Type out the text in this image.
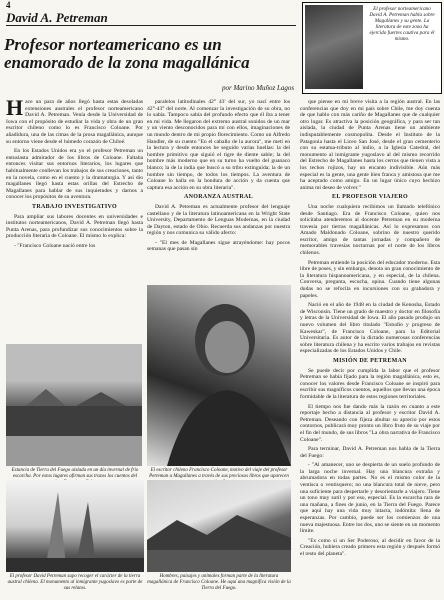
4
David A. Petreman
Profesor norteamericano es un enamorado de la zona magallánica
por Marino Muñoz Lagos
El profesor norteamericano David A. Petreman habla sobre Magallanes y su gente. La literatura de este zona ha ejercido fuertes cautiva para él mismo.

Hace un para de años llegó hasta estas desoladas extensiones australes el profesor norteamericano David A. Petreman. Venía desde la Universidad de Iowa con el propósito de estudiar la vida y obra de un gran escritor chileno como lo es Francisco Coloane. Por añadidura, una de las cimas de la prosa magallánica, aunque su entorno viene desde el húmedo corazón de Chiloé.

En los Estados Unidos era yo el profesor Petreman un entusiasta admirador de los libros de Coloane. Faltaba entonces visitar sus entornos literarios, los lugares que habitualmente conllevan los trabajos de sus creaciones, tanto en la novela, como en el cuento y la dramaturgia. Y así dio magallanes llegó hasta estas orillas del Estrecho de Magallanes para hablar de sus inquietudes y darnos a conocer los propósitos de su aventura.

TRABAJO INVESTIGATIVO

Para ampliar sus labores docentes en universidades e institutos norteamericanos, David A. Petreman llegó hasta Punta Arenas, para profundizar sus conocimientos sobre la producción literaria de Coloane. El mismo lo explica:

- "Francisco Coloane nació entre los

paralelos latitudinales 42° 43' del sur, yo nací entre los 42°-43° del norte. Al comenzar la investigación de su obra, no lo sabía. Tampoco sabía del profundo efecto que él iba a tener en mi vida. Me llegaron del extremo austral sonidos de un mar y un viento desconocidos para mí con ellos, imaginaciones de un mundo dentro de mi propio florecimiento. Como un Alfredo Handler, de su cuento "En el caballo de la aurora", me metí en la lectura y desde entonces he seguido varias huellas: la del hombre primitivo que siguió el tigre de diente sable; la del hombre más moderno que en su turno ha vuelto del guanaco blanco; la de la india que buscó a su tribu extinguida; la de un hombre sin tiempo, de todos los tiempos. La aventura de Coloane lo halla en la hondura de acción y da cuenta que captura esa acción en su obra literaria".

ANORANZA AUSTRAL

David A. Petreman es actualmente profesor del lenguaje castellano y de la literatura latinoamericana en la Wright State University, Departamento de Lenguas Modernas, en la ciudad de Dayton, estado de Ohio. Recuerda sus andanzas por nuestra región y nos comunica su válido afecto:

- "El mes de Magallanes sigue atrayéndome: hay pocos semanas que pasan sin

que piense en mi breve visita a la región austral. En las conferencias que doy en mi país sobre Chile, me doy cuenta de que hablo con más cariño de Magallanes que de cualquier otro lugar. Es atractiva la posición geográfica, y para ser tan aislada, la ciudad de Punta Arenas tiene un ambiente indisputablemente cosmopolita. Desde el Instituto de la Patagonia hasta el Liceo San José, desde el gran cementerio con su estatua-tributo al indio, a la Iglesia Catedral, del monumento al inmigrante yugoslavo al del mismo recorrido del Estrecho de Magallanes hasta los cerros que tienen vista a los techos rojizos, hay un encanto indivisible. Aún más especial es la gente, una gente bien franca y amistosa que me ha aceptado como amigo. En un lugar único cuyo hechizo anima mi deseo de volver."

EL PROFESOR VIAJERO

Una noche cualquiera recibimos un llamado telefónico desde Santiago. Era de Francisco Coloane, quien nos solicitaba atenderemos al docente Petreman en su moderna travesía por tierras magallánicas. Así lo expresamos con Amado Maldonado Coloane, sobrino de nuestro querido escritor, amigo de tantas jornadas y compañero de memorables travesías nocturnas por el norte de los libros chilenos.

Petreman entiende la posición del educador moderno. Esta libre de poses, y sin embargo, denota un gran conocimiento de la literatura hispanoamericana, y en especial, de la chilena. Conversa, pregunta, escucha, opina. Cuando tiene algunas dudas no se refocila en incursiones con su grabadora y papeles.

Nació en el año de 1948 en la ciudad de Kenosha, Estado de Wisconsin. Tiene un grado de maestro y doctor en filosofía y letras de la Universidad de Iowa. El año pasado produjo un nuevo volumen del libro titulado "Estudio y progreso de Kaweskar", de Francisco Coloane, para la Editorial Universitaria. Es autor de la dictado numerosas conferencias sobre literatura chilena y ha escrito varios trabajos en revistas especializadas de los Estados Unidos y Chile.

MISIÓN DE PETREMAN

Se puede decir por cumplida la labor que el profesor Petreman se había fijado para la región magallánica, esto es, conocer los valores desde Francisco Coloane se inspiró para escribir sus magníficos cuentos, aquellos que llevan una época formidable de la literatura de estos regiones territoriales.

El tiempo nos fue dando más la razón en cuanto a este reportaje hecho a distancia al profesor y escritor David A. Petreman. Deseando con fijeza abultar su aprecio por estos contornos, publicará muy pronto un libro fruto de su viaje por el fin del mundo, de sus libros "La obra narrativa de Francisco Coloane".

Para terminar, David A. Petreman nos habla de la Tierra del Fuego:

- "Al amanecer, uno se despierta de un suelo profundo de la larga noche invernal. Hay una blancura extraña y abrumadora en todas partes. No es el mismo color de la ventisca o ventisquero; no una blancura total de nieve, pero una suficiente para despertarle y desorientarle a viajero. Tiene un tono muy sutil y por eso, especial. Es la escarcha rara de una mañana, a fines de junio, en la Tierra del Fuego. Parece que aquí hay una vida muy intacta, indómita: llena de esperanzas. Por cambio, puede ser los comienzos de una nueva majestuosa. Entre los dos, uno se siente en un momento límite.

"Es como si un Ser Poderoso, al decidir en favor de la Creación, hubiera creado primero esta región y después formó el resto del planeta".

Estancia de Tierra del Fuego aislada en un día invernal de frío escarcha. Por estos lugares afirman sus trazos los cuentos del
El escritor chileno Francisco Coloane, motivo del viaje del profesor Petreman a Magallanes a través de sus preciosos libros que aparecen
El profesor David Petreman supo recoger el carácter de la tierra austral chilena. El monumento al inmigrante yugoslavo es parte de sus relatos.
Hombres, paisajes y animales forman parte de la literatura magallánica de Francisco Coloane. He aquí una magnífica visión de la Tierra del Fuego.
